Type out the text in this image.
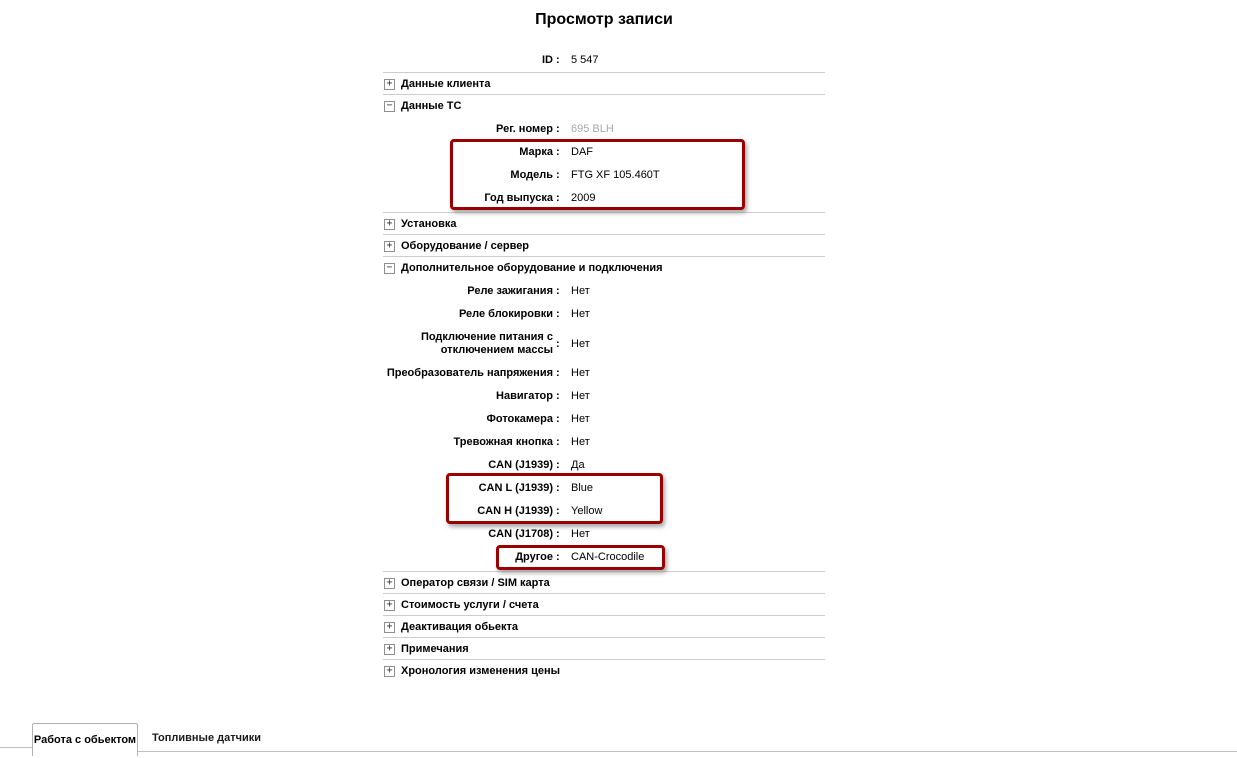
Просмотр записи
ID : 5 547
+ Данные клиента
− Данные ТС
Рег. номер : 695 BLH
Марка : DAF
Модель : FTG XF 105.460T
Год выпуска : 2009
+ Установка
+ Оборудование / сервер
− Дополнительное оборудование и подключения
Реле зажигания : Нет
Реле блокировки : Нет
Подключение питания с отключением массы
: Нет
Преобразователь напряжения : Нет
Навигатор : Нет
Фотокамера : Нет
Тревожная кнопка : Нет
CAN (J1939) : Да
CAN L (J1939) : Blue
CAN H (J1939) : Yellow
CAN (J1708) : Нет
Другое : CAN-Crocodile
+ Оператор связи / SIM карта
+ Стоимость услуги / счета
+ Деактивация обьекта
+ Примечания
+ Хронология изменения цены
Работа с обьектом	Топливные датчики
